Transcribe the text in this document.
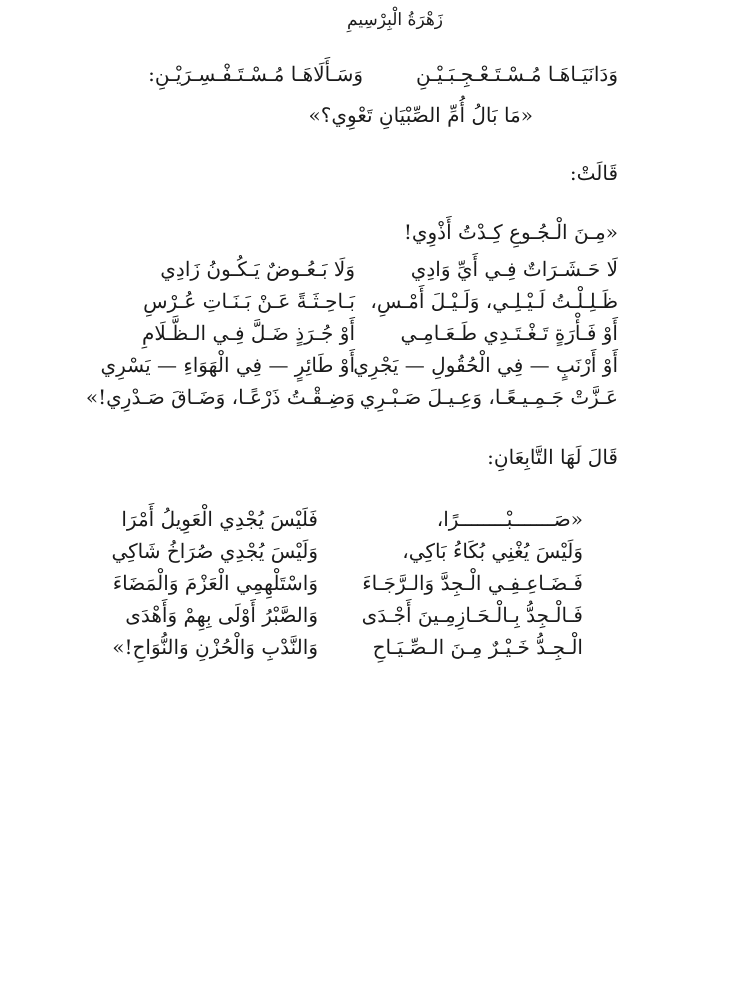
زَهْرَةُ الْبِرْسِيمِ
وَدَانَيَـاهَـا مُـسْـتَـعْـجِـبَـيْـنِ
وَسَـأَلَاهَـا مُـسْـتَـفْـسِـرَيْـنِ:
«مَا بَالُ أُمِّ الصِّبْيَانِ تَعْوِي؟»
قَالَتْ:
«مِـنَ الْـجُـوعِ كِـدْتُ أَذْوِي!
لَا حَـشَـرَاتٌ فِـي أَيِّ وَادِي
وَلَا بَـعُـوضٌ يَـكُـونُ زَادِي
ظَـلِـلْـتُ لَـيْـلِـي، وَلَـيْـلَ أَمْـسِ،
بَـاحِـثَـةً عَـنْ بَـنَـاتِ عُـرْسِ
أَوْ فَـأْرَةٍ تَـغْـتَـدِي طَـعَـامِـي
أَوْ جُـرَذٍ ضَـلَّ فِـي الـظَّـلَامِ
أَوْ أَرْنَبٍ — فِي الْحُقُولِ — يَجْرِي
أَوْ طَائِرٍ — فِي الْهَوَاءِ — يَسْرِي
عَـزَّتْ جَـمِـيـعًـا، وَعِـيـلَ صَـبْـرِي
وَضِـقْـتُ ذَرْعًـا، وَضَـاقَ صَـدْرِي!»
قَالَ لَهَا التَّابِعَانِ:
«صَـــــــبْــــــــرًا،
فَلَيْسَ يُجْدِي الْعَوِيلُ أَمْرَا
وَلَيْسَ يُغْنِي بُكَاءُ بَاكِي،
وَلَيْسَ يُجْدِي صُرَاخُ شَاكِي
فَـضَـاعِـفِـي الْـجِدَّ وَالـرَّجَـاءَ
وَاسْتَلْهِمِي الْعَزْمَ وَالْمَضَاءَ
فَـالْـجِدُّ بِـالْـحَـازِمِـينَ أَجْـدَى
وَالصَّبْرُ أَوْلَى بِهِمْ وَأَهْدَى
الْـجِـدُّ خَـيْـرٌ مِـنَ الـصِّـيَـاحِ
وَالنَّدْبِ وَالْحُزْنِ وَالنُّوَاحِ!»
